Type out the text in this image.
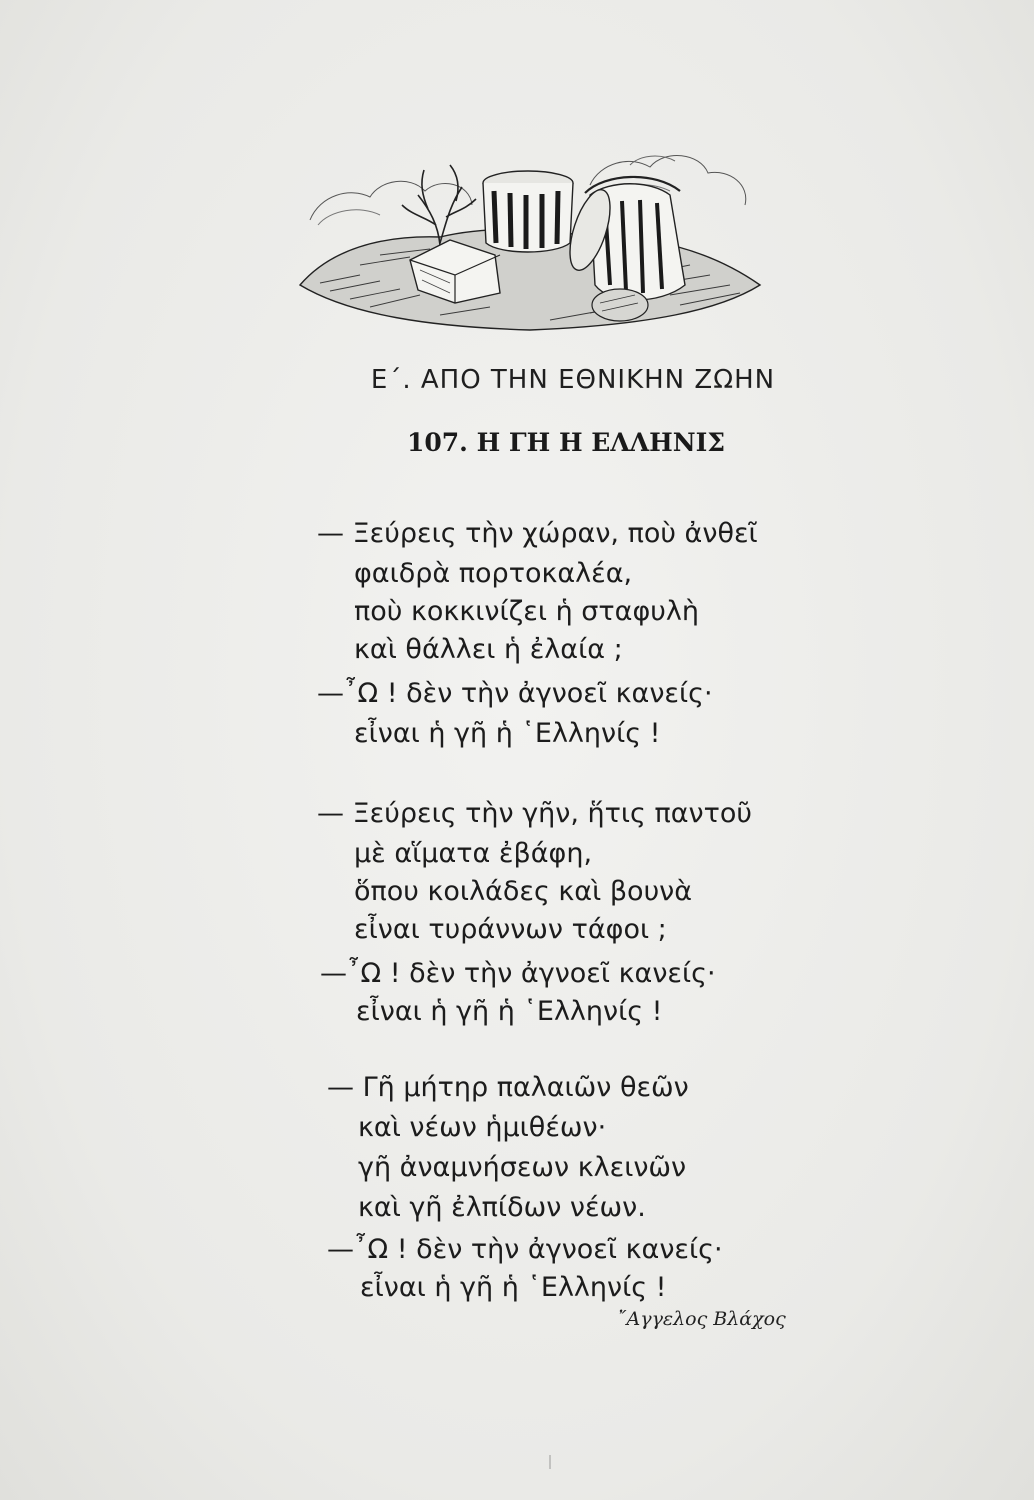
Ε΄. ΑΠΟ ΤΗΝ ΕΘΝΙΚΗΝ ΖΩΗΝ
107. Η ΓΗ Η ΕΛΛΗΝΙΣ
— Ξεύρεις τὴν χώραν, ποὺ ἀνθεῖ
φαιδρὰ πορτοκαλέα,
ποὺ κοκκινίζει ἡ σταφυλὴ
καὶ θάλλει ἡ ἐλαία ;
—῏Ω ! δὲν τὴν ἀγνοεῖ κανείς·
εἶναι ἡ γῆ ἡ ῾Ελληνίς !
— Ξεύρεις τὴν γῆν, ἥτις παντοῦ
μὲ αἵματα ἐβάφη,
ὅπου κοιλάδες καὶ βουνὰ
εἶναι τυράννων τάφοι ;
—῏Ω ! δὲν τὴν ἀγνοεῖ κανείς·
εἶναι ἡ γῆ ἡ ῾Ελληνίς !
— Γῆ μήτηρ παλαιῶν θεῶν
καὶ νέων ἡμιθέων·
γῆ ἀναμνήσεων κλεινῶν
καὶ γῆ ἐλπίδων νέων.
—῏Ω ! δὲν τὴν ἀγνοεῖ κανείς·
εἶναι ἡ γῆ ἡ ῾Ελληνίς !
῎Αγγελος Βλάχος
